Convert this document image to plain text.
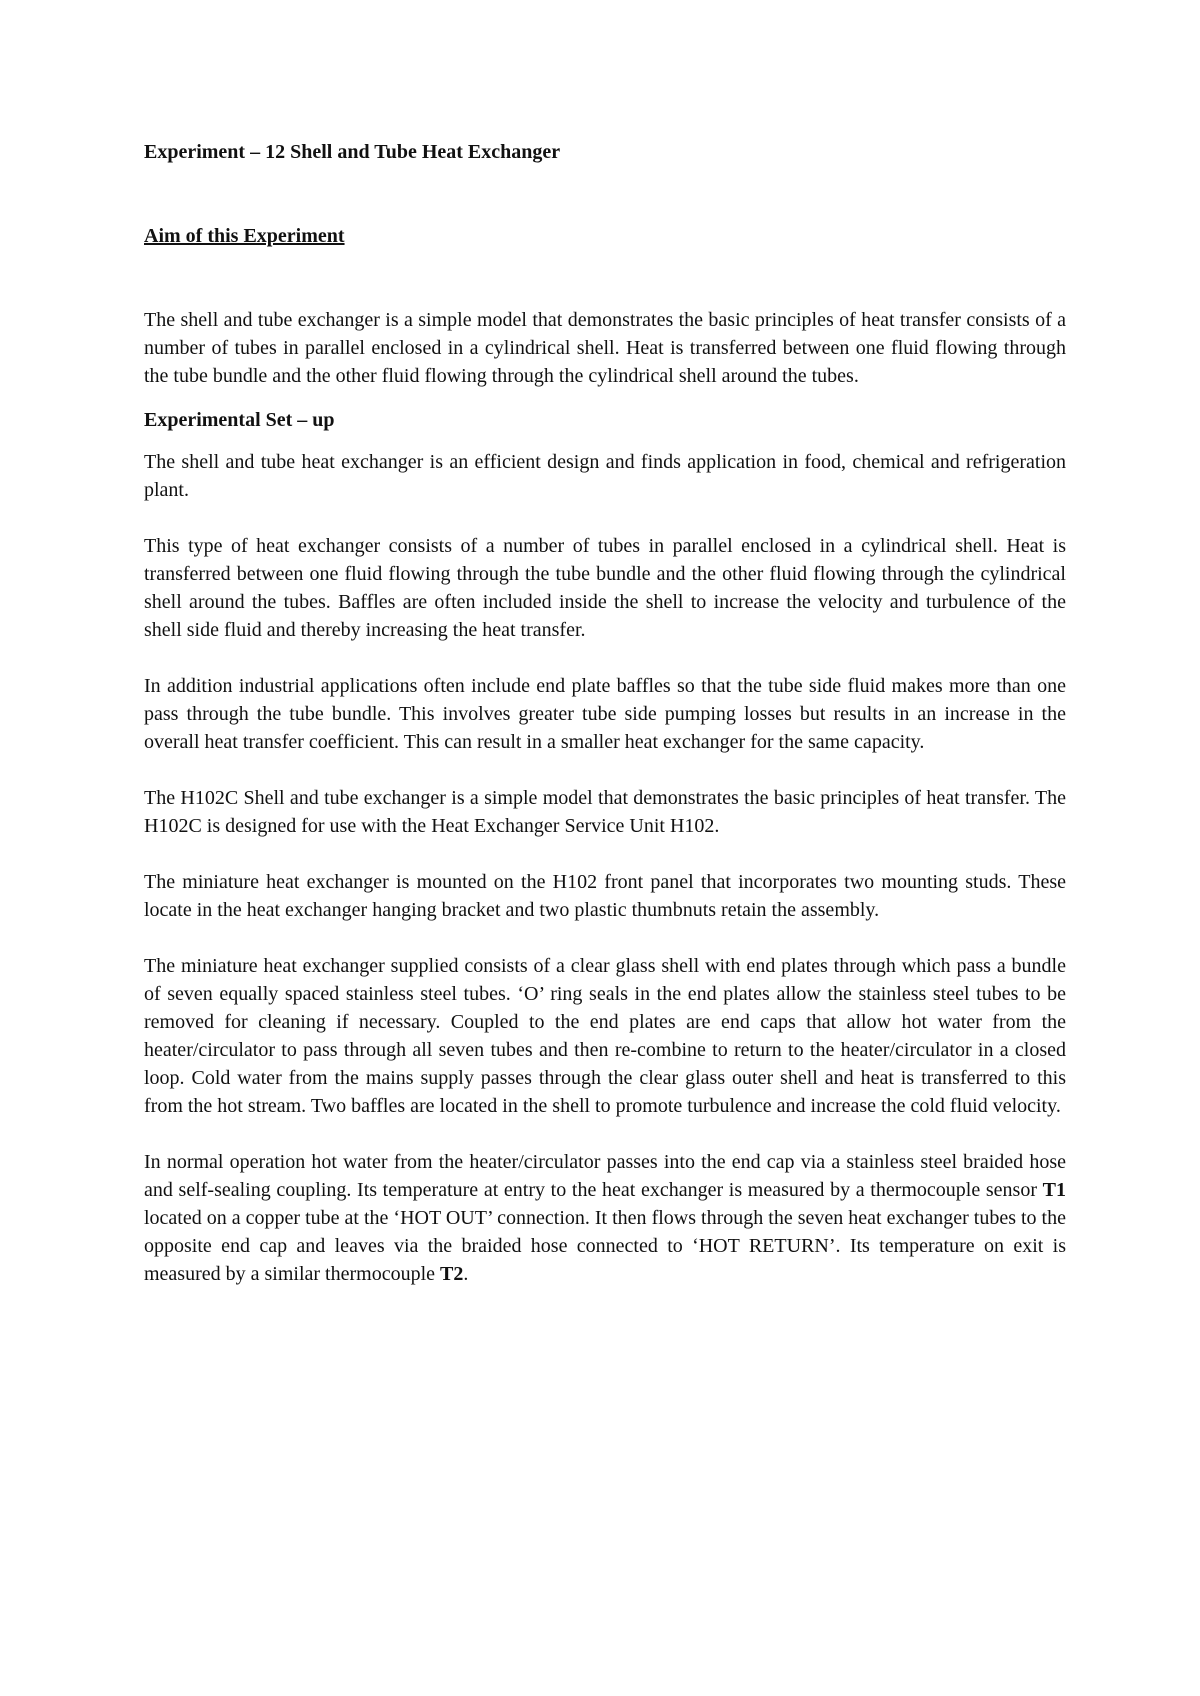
Experiment – 12 Shell and Tube Heat Exchanger
Aim of this Experiment

The shell and tube exchanger is a simple model that demonstrates the basic principles of heat transfer consists of a number of tubes in parallel enclosed in a cylindrical shell. Heat is transferred between one fluid flowing through the tube bundle and the other fluid flowing through the cylindrical shell around the tubes.

Experimental Set – up

The shell and tube heat exchanger is an efficient design and finds application in food, chemical and refrigeration plant.

This type of heat exchanger consists of a number of tubes in parallel enclosed in a cylindrical shell. Heat is transferred between one fluid flowing through the tube bundle and the other fluid flowing through the cylindrical shell around the tubes. Baffles are often included inside the shell to increase the velocity and turbulence of the shell side fluid and thereby increasing the heat transfer.

In addition industrial applications often include end plate baffles so that the tube side fluid makes more than one pass through the tube bundle. This involves greater tube side pumping losses but results in an increase in the overall heat transfer coefficient. This can result in a smaller heat exchanger for the same capacity.

The H102C Shell and tube exchanger is a simple model that demonstrates the basic principles of heat transfer. The H102C is designed for use with the Heat Exchanger Service Unit H102.

The miniature heat exchanger is mounted on the H102 front panel that incorporates two mounting studs. These locate in the heat exchanger hanging bracket and two plastic thumbnuts retain the assembly.

The miniature heat exchanger supplied consists of a clear glass shell with end plates through which pass a bundle of seven equally spaced stainless steel tubes. ‘O’ ring seals in the end plates allow the stainless steel tubes to be removed for cleaning if necessary. Coupled to the end plates are end caps that allow hot water from the heater/circulator to pass through all seven tubes and then re-combine to return to the heater/circulator in a closed loop. Cold water from the mains supply passes through the clear glass outer shell and heat is transferred to this from the hot stream. Two baffles are located in the shell to promote turbulence and increase the cold fluid velocity.

In normal operation hot water from the heater/circulator passes into the end cap via a stainless steel braided hose and self-sealing coupling. Its temperature at entry to the heat exchanger is measured by a thermocouple sensor T1 located on a copper tube at the ‘HOT OUT’ connection. It then flows through the seven heat exchanger tubes to the opposite end cap and leaves via the braided hose connected to ‘HOT RETURN’. Its temperature on exit is measured by a similar thermocouple T2.
